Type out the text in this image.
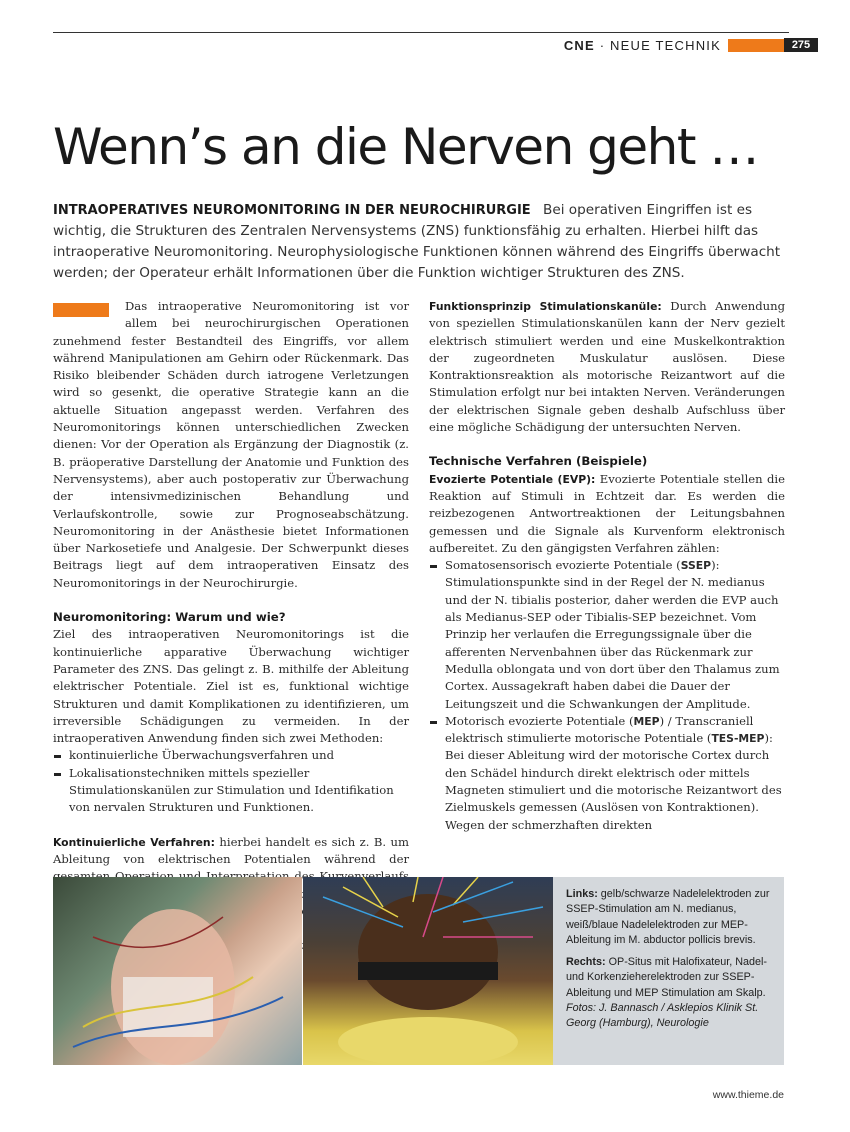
CNE · NEUE TECHNIK	275
Wenn’s an die Nerven geht …

INTRAOPERATIVES NEUROMONITORING IN DER NEUROCHIRURGIE Bei operativen Eingriffen ist es wichtig, die Strukturen des Zentralen Nervensystems (ZNS) funktionsfähig zu erhalten. Hierbei hilft das intraoperative Neuromonitoring. Neurophysiologische Funktionen können während des Eingriffs überwacht werden; der Operateur erhält Informationen über die Funktion wichtiger Strukturen des ZNS.

Das intraoperative Neuromonitoring ist vor allem bei neurochirurgischen Operationen zunehmend fester Bestandteil des Eingriffs, vor allem während Manipulationen am Gehirn oder Rückenmark. Das Risiko bleibender Schäden durch iatrogene Verletzungen wird so gesenkt, die operative Strategie kann an die aktuelle Situation angepasst werden. Verfahren des Neuromonitorings können unterschiedlichen Zwecken dienen: Vor der Operation als Ergänzung der Diagnostik (z. B. präoperative Darstellung der Anatomie und Funktion des Nervensystems), aber auch postoperativ zur Überwachung der intensivmedizinischen Behandlung und Verlaufskontrolle, sowie zur Prognoseabschätzung. Neuromonitoring in der Anästhesie bietet Informationen über Narkosetiefe und Analgesie. Der Schwerpunkt dieses Beitrags liegt auf dem intraoperativen Einsatz des Neuromonitorings in der Neurochirurgie.

Neuromonitoring: Warum und wie?

Ziel des intraoperativen Neuromonitorings ist die kontinuierliche apparative Überwachung wichtiger Parameter des ZNS. Das gelingt z. B. mithilfe der Ableitung elektrischer Potentiale. Ziel ist es, funktional wichtige Strukturen und damit Komplikationen zu identifizieren, um irreversible Schädigungen zu vermeiden. In der intraoperativen Anwendung finden sich zwei Methoden:

kontinuierliche Überwachungsverfahren und
Lokalisationstechniken mittels spezieller Stimulationskanülen zur Stimulation und Identifikation von nervalen Strukturen und Funktionen.

Kontinuierliche Verfahren: hierbei handelt es sich z. B. um Ableitung von elektrischen Potentialen während der

Funktionsprinzip Stimulationskanüle: Durch Anwendung von speziellen Stimulationskanülen kann der Nerv gezielt elektrisch stimuliert werden und eine Muskelkontraktion der zugeordneten Muskulatur auslösen. Diese Kontraktionsreaktion als motorische Reizantwort auf die Stimulation erfolgt nur bei intakten Nerven. Veränderungen der elektrischen Signale geben deshalb Aufschluss über eine mögliche Schädigung der untersuchten Nerven.

Technische Verfahren (Beispiele)

Evozierte Potentiale (EVP): Evozierte Potentiale stellen die Reaktion auf Stimuli in Echtzeit dar. Es werden die reizbezogenen Antwortreaktionen der Leitungsbahnen gemessen und die Signale als Kurvenform elektronisch aufbereitet. Zu den gängigsten Verfahren zählen:

Somatosensorisch evozierte Potentiale (SSEP): Stimulationspunkte sind in der Regel der N. medianus und der N. tibialis posterior, daher werden die EVP auch als Medianus-SEP oder Tibialis-SEP bezeichnet. Vom Prinzip her verlaufen die Erregungssignale über die afferenten Nervenbahnen über das Rückenmark zur Medulla oblongata und von dort über den Thalamus zum Cortex. Aussagekraft haben dabei die Dauer der Leitungszeit und die Schwankungen der Amplitude.
Motorisch evozierte Potentiale (MEP) / Transcraniell elektrisch stimulierte motorische Potentiale (TES-MEP): Bei dieser Ableitung wird der motorische Cortex durch den Schädel hindurch direkt elektrisch oder mittels Magneten stimuliert und die motorische Reizantwort des Zielmuskels gemessen (Auslösen von Kontraktionen). Wegen der schmerzhaften direkten

Links: gelb/schwarze Nadelelektroden zur SSEP-Stimulation am N. medianus, weiß/blaue Nadelelektroden zur MEP-Ableitung im M. abductor pollicis brevis.

Rechts: OP-Situs mit Halofixateur, Nadel- und Korkenzieherelektroden zur SSEP-Ableitung und MEP Stimulation am Skalp. Fotos: J. Bannasch / Asklepios Klinik St. Georg (Hamburg), Neurologie

www.thieme.de
